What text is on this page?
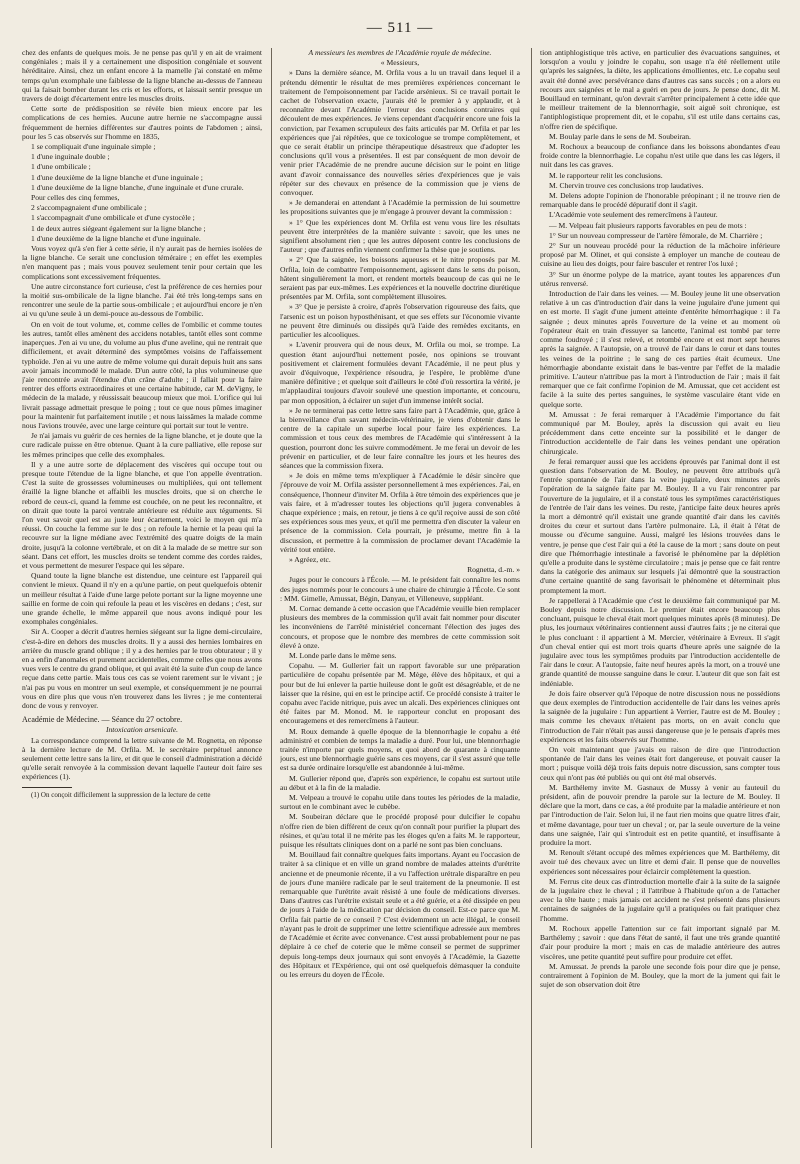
— 511 —

chez des enfants de quelques mois. Je ne pense pas qu'il y en ait de vraiment congéniales ; mais il y a certainement une disposition congéniale et souvent héréditaire. Ainsi, chez un enfant encore à la mamelle j'ai constaté en même temps qu'un exomphale une faiblesse de la ligne blanche au-dessus de l'anneau qui la faisait bomber durant les cris et les efforts, et laissait sentir presque un travers de doigt d'écartement entre les muscles droits.

Cette sorte de prédisposition se révèle bien mieux encore par les complications de ces hernies. Aucune autre hernie ne s'accompagne aussi fréquemment de hernies différentes sur d'autres points de l'abdomen ; ainsi, pour les 5 cas observés sur l'homme en 1835,

1 se compliquait d'une inguinale simple ;

1 d'une inguinale double ;

1 d'une ombilicale ;

1 d'une deuxième de la ligne blanche et d'une inguinale ;

1 d'une deuxième de la ligne blanche, d'une inguinale et d'une crurale.

Pour celles des cinq femmes,

2 s'accompagnaient d'une ombilicale ;

1 s'accompagnait d'une ombilicale et d'une cystocèle ;

1 de deux autres siégeant également sur la ligne blanche ;

1 d'une deuxième de la ligne blanche et d'une inguinale.

Vous voyez qu'à s'en fier à cette série, il n'y aurait pas de hernies isolées de la ligne blanche. Ce serait une conclusion téméraire ; en effet les exemples n'en manquent pas ; mais vous pouvez seulement tenir pour certain que les complications sont excessivement fréquentes.

Une autre circonstance fort curieuse, c'est la préférence de ces hernies pour la moitié sus-ombilicale de la ligne blanche. J'ai été très long-temps sans en rencontrer une seule de la partie sous-ombilicale ; et aujourd'hui encore je n'en ai vu qu'une seule à un demi-pouce au-dessous de l'ombilic.

On en voit de tout volume, et, comme celles de l'ombilic et comme toutes les autres, tantôt elles amènent des accidens notables, tantôt elles sont comme inaperçues. J'en ai vu une, du volume au plus d'une aveline, qui ne rentrait que difficilement, et avait déterminé des symptômes voisins de l'affaissement typhoïde. J'en ai vu une autre de même volume qui durait depuis huit ans sans avoir jamais incommodé le malade. D'un autre côté, la plus volumineuse que j'aie rencontrée avait l'étendue d'un crâne d'adulte ; il fallait pour la faire rentrer des efforts extraordinaires et une certaine habitude, car M. deVigny, le médecin de la malade, y réussissait beaucoup mieux que moi. L'orifice qui lui livrait passage admettait presque le poing ; tout ce que nous pûmes imaginer pour la maintenir fut parfaitement inutile ; et nous laissâmes la malade comme nous l'avions trouvée, avec une large ceinture qui portait sur tout le ventre.

Je n'ai jamais vu guérir de ces hernies de la ligne blanche, et je doute que la cure radicale puisse en être obtenue. Quant à la cure palliative, elle repose sur les mêmes principes que celle des exomphales.

Il y a une autre sorte de déplacement des viscères qui occupe tout ou presque toute l'étendue de la ligne blanche, et que l'on appelle éventration. C'est la suite de grossesses volumineuses ou multipliées, qui ont tellement éraillé la ligne blanche et affaibli les muscles droits, que si on cherche le rebord de ceux-ci, quand la femme est couchée, on ne peut les reconnaître, et on dirait que toute la paroi ventrale antérieure est réduite aux téguments. Si l'on veut savoir quel est au juste leur écartement, voici le moyen qui m'a réussi. On couche la femme sur le dos ; on refoule la hernie et la peau qui la recouvre sur la ligne médiane avec l'extrémité des quatre doigts de la main droite, jusqu'à la colonne vertébrale, et on dit à la malade de se mettre sur son séant. Dans cet effort, les muscles droits se tendent comme des cordes raides, et vous permettent de mesurer l'espace qui les sépare.

Quand toute la ligne blanche est distendue, une ceinture est l'appareil qui convient le mieux. Quand il n'y en a qu'une partie, on peut quelquefois obtenir un meilleur résultat à l'aide d'une large pelote portant sur la ligne moyenne une saillie en forme de coin qui refoule la peau et les viscères en dedans ; c'est, sur une grande échelle, le même appareil que nous avons indiqué pour les exomphales congéniales.

Sir A. Cooper a décrit d'autres hernies siégeant sur la ligne demi-circulaire, c'est-à-dire en dehors des muscles droits. Il y a aussi des hernies lombaires en arrière du muscle grand oblique ; il y a des hernies par le trou obturateur ; il y en a enfin d'anomales et purement accidentelles, comme celles que nous avons vues vers le centre du grand oblique, et qui avait été la suite d'un coup de lance reçue dans cette partie. Mais tous ces cas se voient rarement sur le vivant ; je n'ai pas pu vous en montrer un seul exemple, et conséquemment je ne pourrai vous en dire plus que vous n'en trouverez dans les livres ; je me contenterai donc de vous y renvoyer.

Académie de Médecine. — Séance du 27 octobre.

Intoxication arsenicale.

La correspondance comprend la lettre suivante de M. Rognetta, en réponse à la dernière lecture de M. Orfila. M. le secrétaire perpétuel annonce seulement cette lettre sans la lire, et dit que le conseil d'administration a décidé qu'elle serait renvoyée à la commission devant laquelle l'auteur doit faire ses expériences (1).

(1) On conçoit difficilement la suppression de la lecture de cette

A messieurs les membres de l'Académie royale de médecine.

« Messieurs,

» Dans la dernière séance, M. Orfila vous a lu un travail dans lequel il a prétendu démentir le résultat de mes premières expériences concernant le traitement de l'empoisonnement par l'acide arsénieux. Si ce travail portait le cachet de l'observation exacte, j'aurais été le premier à y applaudir, et à reconnaître devant l'Académie l'erreur des conclusions contraires qui découlent de mes expériences. Je viens cependant d'acquérir encore une fois la conviction, par l'examen scrupuleux des faits articulés par M. Orfila et par les expériences que j'ai répétées, que ce toxicologue se trompe complètement, et que ce serait établir un principe thérapeutique désastreux que d'adopter les conclusions qu'il vous a présentées. Il est par conséquent de mon devoir de venir prier l'Académie de ne prendre aucune décision sur le point en litige avant d'avoir connaissance des nouvelles séries d'expériences que je vais répéter sur des chevaux en présence de la commission que je viens de convoquer.

» Je demanderai en attendant à l'Académie la permission de lui soumettre les propositions suivantes que je m'engage à prouver devant la commission :

» 1° Que les expériences dont M. Orfila est venu vous lire les résultats peuvent être interprétées de la manière suivante : savoir, que les unes ne signifient absolument rien ; que les autres déposent contre les conclusions de l'auteur ; que d'autres enfin viennent confirmer la thèse que je soutiens.

» 2° Que la saignée, les boissons aqueuses et le nitre proposés par M. Orfila, loin de combattre l'empoisonnement, agissent dans le sens du poison, hâtent singulièrement la mort, et rendent mortels beaucoup de cas qui ne le seraient pas par eux-mêmes. Les expériences et la nouvelle doctrine diurétique présentées par M. Orfila, sont complètement illusoires.

» 3° Que je persiste à croire, d'après l'observation rigoureuse des faits, que l'arsenic est un poison hyposthénisant, et que ses effets sur l'économie vivante ne peuvent être diminués ou dissipés qu'à l'aide des remèdes excitants, en particulier les alcooliques.

» L'avenir prouvera qui de nous deux, M. Orfila ou moi, se trompe. La question étant aujourd'hui nettement posée, nos opinions se trouvant positivement et clairement formulées devant l'Académie, il ne peut plus y avoir d'équivoque, l'expérience résoudra, je l'espère, le problème d'une manière définitive ; et quelque soit d'ailleurs le côté d'où ressortira la vérité, je m'applaudirai toujours d'avoir soulevé une question importante, et concouru, par mon opposition, à éclairer un sujet d'un immense intérêt social.

» Je ne terminerai pas cette lettre sans faire part à l'Académie, que, grâce à la bienveillance d'un savant médecin-vétérinaire, je viens d'obtenir dans le centre de la capitale un superbe local pour faire les expériences. La commission et tous ceux des membres de l'Académie qui s'intéressent à la question, pourront donc les suivre commodément. Je me ferai un devoir de les prévenir en particulier, et de leur faire connaître les jours et les heures des séances que la commission fixera.

» Je dois en même tems m'expliquer à l'Académie le désir sincère que j'éprouve de voir M. Orfila assister personnellement à mes expériences. J'ai, en conséquence, l'honneur d'inviter M. Orfila à être témoin des expériences que je vais faire, et à m'adresser toutes les objections qu'il jugera convenables à chaque expérience ; mais, en retour, je tiens à ce qu'il reçoive aussi de son côté ses expériences sous mes yeux, et qu'il me permettra d'en discuter la valeur en présence de la commission. Cela pourrait, je présume, mettre fin à la discussion, et permettre à la commission de proclamer devant l'Académie la vérité tout entière.

» Agréez, etc.

Rognetta, d.-m. »

Juges pour le concours à l'École. — M. le président fait connaître les noms des juges nommés pour le concours à une chaire de chirurgie à l'École. Ce sont : MM. Gimelle, Amussat, Bégin, Danyau, et Villeneuve, suppléant.

M. Cornac demande à cette occasion que l'Académie veuille bien remplacer plusieurs des membres de la commission qu'il avait fait nommer pour discuter les inconvéniens de l'arrêté ministériel concernant l'élection des juges des concours, et propose que le nombre des membres de cette commission soit élevé à onze.

M. Londe parle dans le même sens.

Copahu. — M. Gullerier fait un rapport favorable sur une préparation particulière de copahu présentée par M. Mège, élève des hôpitaux, et qui a pour but de lui enlever la partie huileuse dont le goût est désagréable, et de ne laisser que la résine, qui en est le principe actif. Ce procédé consiste à traiter le copahu avec l'acide nitrique, puis avec un alcali. Des expériences cliniques ont été faites par M. Monod. M. le rapporteur conclut en proposant des encouragemens et des remercîmens à l'auteur.

M. Roux demande à quelle époque de la blennorrhagie le copahu a été administré et combien de temps la maladie a duré. Pour lui, une blennorrhagie traitée n'importe par quels moyens, et quoi abord de quarante à cinquante jours, est une blennorrhagie guérie sans ces moyens, car il s'est assuré que telle est sa durée ordinaire lorsqu'elle est abandonnée à lui-même.

M. Gullerier répond que, d'après son expérience, le copahu est surtout utile au début et à la fin de la maladie.

M. Velpeau a trouvé le copahu utile dans toutes les périodes de la maladie, surtout en le combinant avec le cubèbe.

M. Soubeiran déclare que le procédé proposé pour dulcifier le copahu n'offre rien de bien différent de ceux qu'on connaît pour purifier la plupart des résines, et qu'au total il ne mérite pas les éloges qu'en a faits M. le rapporteur, puisque les résultats cliniques dont on a parlé ne sont pas bien concluans.

M. Bouillaud fait connaître quelques faits importans. Ayant eu l'occasion de traiter à sa clinique et en ville un grand nombre de malades atteints d'urétrite ancienne et de pneumonie récente, il a vu l'affection urétrale disparaître en peu de jours d'une manière radicale par le seul traitement de la pneumonie. Il est remarquable que l'urétrite avait résisté à une foule de médications diverses. Dans d'autres cas l'urétrite existait seule et a été guérie, et a été dissipée en peu de jours à l'aide de la médication par décision du conseil. Est-ce parce que M. Orfila fait partie de ce conseil ? C'est évidemment un acte illégal, le conseil n'ayant pas le droit de supprimer une lettre scientifique adressée aux membres de l'Académie et écrite avec convenance. C'est aussi probablement pour ne pas déplaire à ce chef de coterie que le même conseil se permet de supprimer depuis long-temps deux journaux qui sont envoyés à l'Académie, la Gazette des Hôpitaux et l'Expérience, qui ont osé quelquefois démasquer la conduite ou les erreurs du doyen de l'École.

tion antiphlogistique très active, en particulier des évacuations sanguines, et lorsqu'on a voulu y joindre le copahu, son usage n'a été réellement utile qu'après les saignées, la diète, les applications émollientes, etc. Le copahu seul avait été donné avec persévérance dans d'autres cas sans succès ; on a alors eu recours aux saignées et le mal a guéri en peu de jours. Je pense donc, dit M. Bouillaud en terminant, qu'on devrait s'arrêter principalement à cette idée que le meilleur traitement de la blennorrhagie, soit aiguë soit chronique, est l'antiphlogistique proprement dit, et le copahu, s'il est utile dans certains cas, n'offre rien de spécifique.

M. Boulay parle dans le sens de M. Soubeiran.

M. Rochoux a beaucoup de confiance dans les boissons abondantes d'eau froide contre la blennorrhagie. Le copahu n'est utile que dans les cas légers, il nuit dans les cas graves.

M. le rapporteur relit les conclusions.

M. Chervin trouve ces conclusions trop laudatives.

M. Delens adopte l'opinion de l'honorable préopinant ; il ne trouve rien de remarquable dans le procédé dépuratif dont il s'agit.

L'Académie vote seulement des remercîmens à l'auteur.

— M. Velpeau fait plusieurs rapports favorables en peu de mots :

1° Sur un nouveau compresseur de l'artère fémorale, de M. Charrière ;

2° Sur un nouveau procédé pour la réduction de la mâchoire inférieure proposé par M. Olinet, et qui consiste à employer un manche de couteau de cuisine au lieu des doigts, pour faire basculer et rentrer l'os luxé ;

3° Sur un énorme polype de la matrice, ayant toutes les apparences d'un utérus renversé.

Introduction de l'air dans les veines. — M. Bouley jeune lit une observation relative à un cas d'introduction d'air dans la veine jugulaire d'une jument qui en est morte. Il s'agit d'une jument atteinte d'entérite hémorrhagique : il l'a saignée ; deux minutes après l'ouverture de la veine et au moment où l'opérateur était en train d'essuyer sa lancette, l'animal est tombé par terre comme foudroyé ; il s'est relevé, et retombé encore et est mort sept heures après la saignée. A l'autopsie, on a trouvé de l'air dans le cœur et dans toutes les veines de la poitrine ; le sang de ces parties était écumeux. Une hémorrhagie abondante existait dans le bas-ventre par l'effet de la maladie primitive. L'auteur n'attribue pas la mort à l'introduction de l'air ; mais il fait remarquer que ce fait confirme l'opinion de M. Amussat, que cet accident est facile à la suite des pertes sanguines, le système vasculaire étant vide en quelque sorte.

M. Amussat : Je ferai remarquer à l'Académie l'importance du fait communiqué par M. Bouley, après la discussion qui avait eu lieu précédemment dans cette enceinte sur la possibilité et le danger de l'introduction accidentelle de l'air dans les veines pendant une opération chirurgicale.

Je ferai remarquer aussi que les accidens éprouvés par l'animal dont il est question dans l'observation de M. Bouley, ne peuvent être attribués qu'à l'entrée spontanée de l'air dans la veine jugulaire, deux minutes après l'opération de la saignée faite par M. Bouley. Il a vu l'air rencontrer par l'ouverture de la jugulaire, et il a constaté tous les symptômes caractéristiques de l'entrée de l'air dans les veines. Du reste, j'anticipe faite deux heures après la mort a démontré qu'il existait une grande quantité d'air dans les cavités droites du cœur et surtout dans l'artère pulmonaire. Là, il était à l'état de mousse ou d'écume sanguine. Aussi, malgré les lésions trouvées dans le ventre, je pense que c'est l'air qui a été la cause de la mort ; sans doute on peut dire que l'hémorrhagie intestinale a favorisé le phénomène par la déplétion qu'elle a produite dans le système circulatoire ; mais je pense que ce fait rentre dans la catégorie des animaux sur lesquels j'ai démontré que la soustraction d'une certaine quantité de sang favorisait le phénomène et déterminait plus promptement la mort.

Je rappellerai à l'Académie que c'est le deuxième fait communiqué par M. Bouley depuis notre discussion. Le premier était encore beaucoup plus concluant, puisque le cheval était mort quelques minutes après (8 minutes). De plus, les journaux vétérinaires contiennent aussi d'autres faits ; je ne citerai que le plus concluant : il appartient à M. Mercier, vétérinaire à Evreux. Il s'agit d'un cheval entier qui est mort trois quarts d'heure après une saignée de la jugulaire avec tous les symptômes produits par l'introduction accidentelle de l'air dans le cœur. A l'autopsie, faite neuf heures après la mort, on a trouvé une grande quantité de mousse sanguine dans le cœur. L'auteur dit que son fait est indéniable.

Je dois faire observer qu'à l'époque de notre discussion nous ne possédions que deux exemples de l'introduction accidentelle de l'air dans les veines après la saignée de la jugulaire : l'un appartient à Verrier, l'autre est de M. Bouley ; mais comme les chevaux n'étaient pas morts, on en avait conclu que l'introduction de l'air n'était pas aussi dangereuse que je le pensais d'après mes expériences et les faits observés sur l'homme.

On voit maintenant que j'avais eu raison de dire que l'introduction spontanée de l'air dans les veines était fort dangereuse, et pouvait causer la mort ; puisque voilà déjà trois faits depuis notre discussion, sans compter tous ceux qui n'ont pas été publiés ou qui ont été mal observés.

M. Barthélemy invite M. Gasnaux de Mussy à venir au fauteuil du président, afin de pouvoir prendre la parole sur la lecture de M. Bouley. Il déclare que la mort, dans ce cas, a été produite par la maladie antérieure et non par l'introduction de l'air. Selon lui, il ne faut rien moins que quatre litres d'air, et même davantage, pour tuer un cheval ; or, par la seule ouverture de la veine dans une saignée, l'air qui s'introduit est en petite quantité, et insuffisante à produire la mort.

M. Renoult s'étant occupé des mêmes expériences que M. Barthélemy, dit avoir tué des chevaux avec un litre et demi d'air. Il pense que de nouvelles expériences sont nécessaires pour éclaircir complètement la question.

M. Ferrus cite deux cas d'introduction mortelle d'air à la suite de la saignée de la jugulaire chez le cheval ; il l'attribue à l'habitude qu'on a de l'attacher avec la tête haute ; mais jamais cet accident ne s'est présenté dans plusieurs centaines de saignées de la jugulaire qu'il a pratiquées ou fait pratiquer chez l'homme.

M. Rochoux appelle l'attention sur ce fait important signalé par M. Barthélemy ; savoir : que dans l'état de santé, il faut une très grande quantité d'air pour produire la mort ; mais en cas de maladie antérieure des autres viscères, une petite quantité peut suffire pour produire cet effet.

M. Amussat. Je prends la parole une seconde fois pour dire que je pense, contrairement à l'opinion de M. Bouley, que la mort de la jument qui fait le sujet de son observation doit être
